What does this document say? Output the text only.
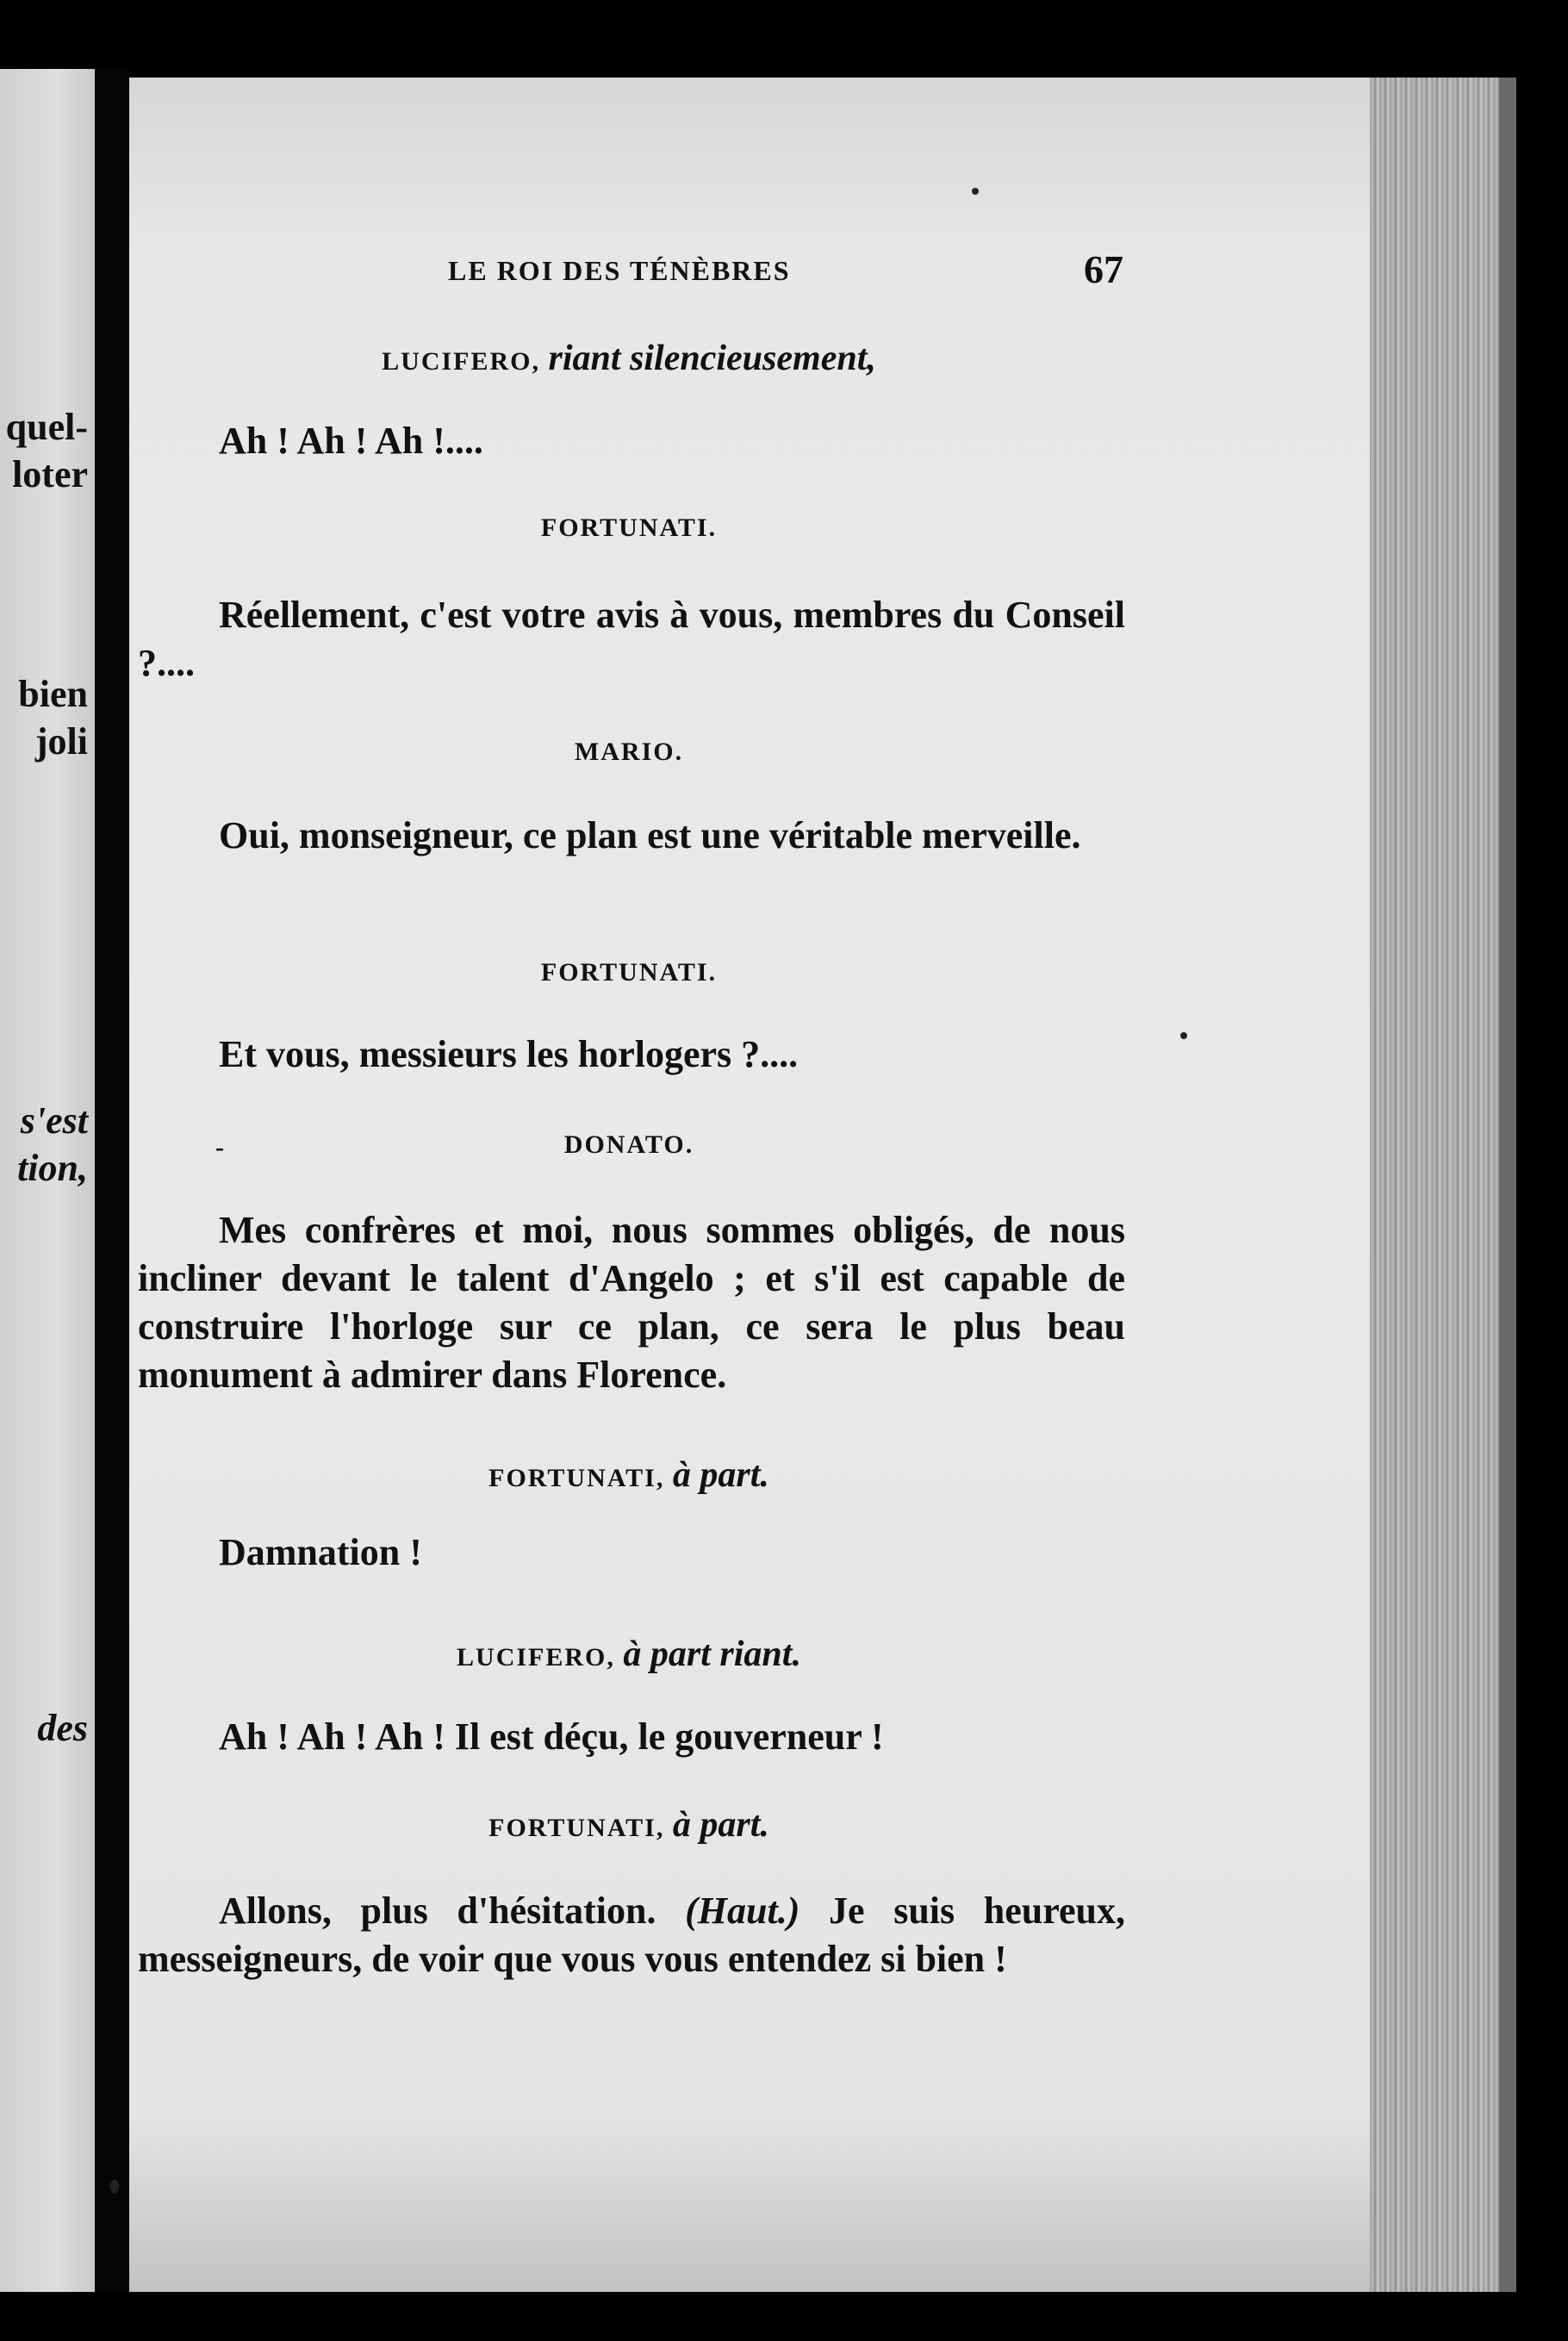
quel-
loter
bien
joli
s'est
tion,
des
LE ROI DES TÉNÈBRES	67
LUCIFERO, riant silencieusement,
Ah ! Ah ! Ah !....
FORTUNATI.
Réellement, c'est votre avis à vous, membres du Conseil ?....
MARIO.
Oui, monseigneur, ce plan est une véritable merveille.
FORTUNATI.
Et vous, messieurs les horlogers ?....
-	DONATO.
Mes confrères et moi, nous sommes obligés, de nous incliner devant le talent d'Angelo ; et s'il est capable de construire l'horloge sur ce plan, ce sera le plus beau monument à admirer dans Florence.
FORTUNATI, à part.
Damnation !
LUCIFERO, à part riant.
Ah ! Ah ! Ah ! Il est déçu, le gouverneur !
FORTUNATI, à part.
Allons, plus d'hésitation. (Haut.) Je suis heureux, messeigneurs, de voir que vous vous entendez si bien !
